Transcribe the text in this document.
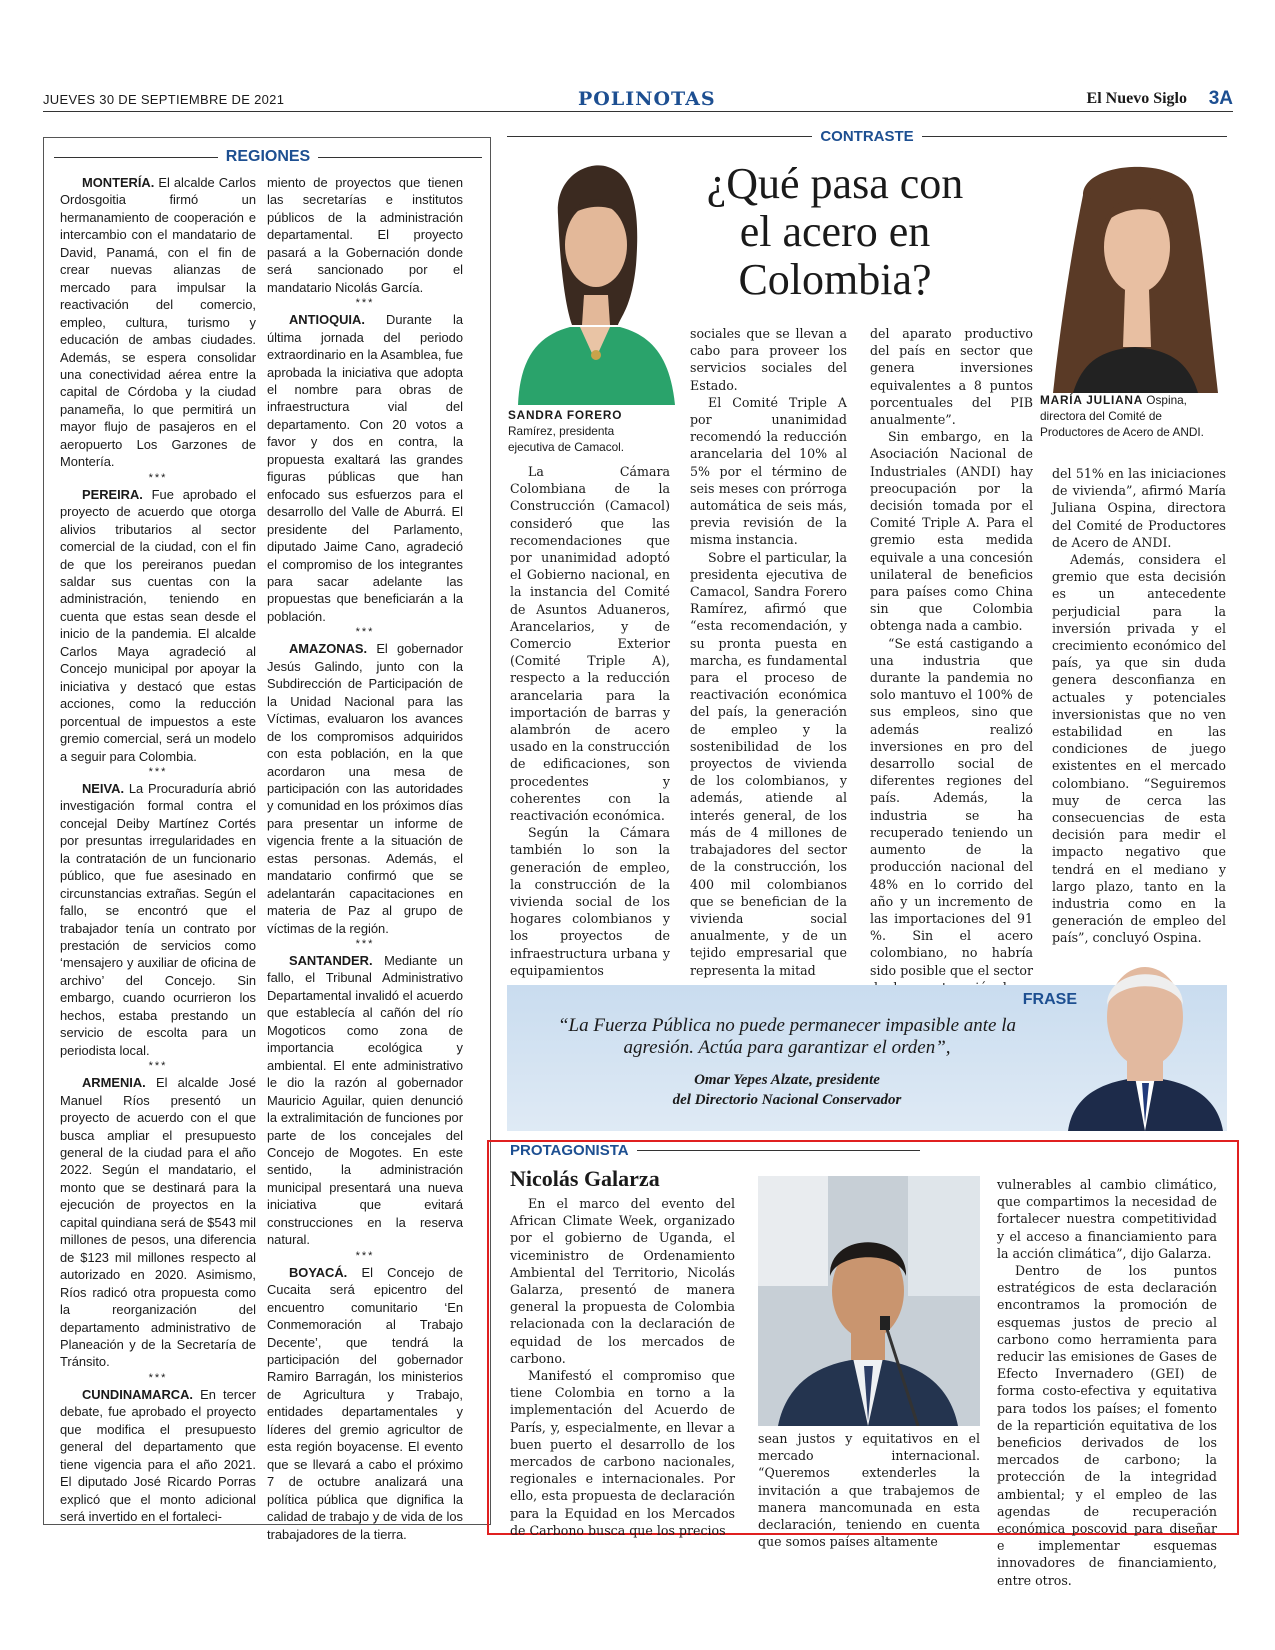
JUEVES 30 DE SEPTIEMBRE DE 2021	POLINOTAS	El Nuevo Siglo 3A
REGIONES

MONTERÍA. El alcalde Carlos Ordosgoitia firmó un hermanamiento de cooperación e intercambio con el mandatario de David, Panamá, con el fin de crear nuevas alianzas de mercado para impulsar la reactivación del comercio, empleo, cultura, turismo y educación de ambas ciudades. Además, se espera consolidar una conectividad aérea entre la capital de Córdoba y la ciudad panameña, lo que permitirá un mayor flujo de pasajeros en el aeropuerto Los Garzones de Montería.

***

PEREIRA. Fue aprobado el proyecto de acuerdo que otorga alivios tributarios al sector comercial de la ciudad, con el fin de que los pereiranos puedan saldar sus cuentas con la administración, teniendo en cuenta que estas sean desde el inicio de la pandemia. El alcalde Carlos Maya agradeció al Concejo municipal por apoyar la iniciativa y destacó que estas acciones, como la reducción porcentual de impuestos a este gremio comercial, será un modelo a seguir para Colombia.

***

NEIVA. La Procuraduría abrió investigación formal contra el concejal Deiby Martínez Cortés por presuntas irregularidades en la contratación de un funcionario público, que fue asesinado en circunstancias extrañas. Según el fallo, se encontró que el trabajador tenía un contrato por prestación de servicios como ‘mensajero y auxiliar de oficina de archivo’ del Concejo. Sin embargo, cuando ocurrieron los hechos, estaba prestando un servicio de escolta para un periodista local.

***

ARMENIA. El alcalde José Manuel Ríos presentó un proyecto de acuerdo con el que busca ampliar el presupuesto general de la ciudad para el año 2022. Según el mandatario, el monto que se destinará para la ejecución de proyectos en la capital quindiana será de $543 mil millones de pesos, una diferencia de $123 mil millones respecto al autorizado en 2020. Asimismo, Ríos radicó otra propuesta como la reorganización del departamento administrativo de Planeación y de la Secretaría de Tránsito.

***

CUNDINAMARCA. En tercer debate, fue aprobado el proyecto que modifica el presupuesto general del departamento que tiene vigencia para el año 2021. El diputado José Ricardo Porras explicó que el monto adicional será invertido en el fortaleci-

miento de proyectos que tienen las secretarías e institutos públicos de la administración departamental. El proyecto pasará a la Gobernación donde será sancionado por el mandatario Nicolás García.

***

ANTIOQUIA. Durante la última jornada del periodo extraordinario en la Asamblea, fue aprobada la iniciativa que adopta el nombre para obras de infraestructura vial del departamento. Con 20 votos a favor y dos en contra, la propuesta exaltará las grandes figuras públicas que han enfocado sus esfuerzos para el desarrollo del Valle de Aburrá. El presidente del Parlamento, diputado Jaime Cano, agradeció el compromiso de los integrantes para sacar adelante las propuestas que beneficiarán a la población.

***

AMAZONAS. El gobernador Jesús Galindo, junto con la Subdirección de Participación de la Unidad Nacional para las Víctimas, evaluaron los avances de los compromisos adquiridos con esta población, en la que acordaron una mesa de participación con las autoridades y comunidad en los próximos días para presentar un informe de vigencia frente a la situación de estas personas. Además, el mandatario confirmó que se adelantarán capacitaciones en materia de Paz al grupo de víctimas de la región.

***

SANTANDER. Mediante un fallo, el Tribunal Administrativo Departamental invalidó el acuerdo que establecía al cañón del río Mogoticos como zona de importancia ecológica y ambiental. El ente administrativo le dio la razón al gobernador Mauricio Aguilar, quien denunció la extralimitación de funciones por parte de los concejales del Concejo de Mogotes. En este sentido, la administración municipal presentará una nueva iniciativa que evitará construcciones en la reserva natural.

***

BOYACÁ. El Concejo de Cucaita será epicentro del encuentro comunitario ‘En Conmemoración al Trabajo Decente’, que tendrá la participación del gobernador Ramiro Barragán, los ministerios de Agricultura y Trabajo, entidades departamentales y líderes del gremio agricultor de esta región boyacense. El evento que se llevará a cabo el próximo 7 de octubre analizará una política pública que dignifica la calidad de trabajo y de vida de los trabajadores de la tierra.

CONTRASTE
¿Qué pasa con el acero en Colombia?
SANDRA FORERO
Ramírez, presidenta ejecutiva de Camacol.
MARÍA JULIANA Ospina, directora del Comité de Productores de Acero de ANDI.

La Cámara Colombiana de la Construcción (Camacol) consideró que las recomendaciones que por unanimidad adoptó el Gobierno nacional, en la instancia del Comité de Asuntos Aduaneros, Arancelarios, y de Comercio Exterior (Comité Triple A), respecto a la reducción arancelaria para la importación de barras y alambrón de acero usado en la construcción de edificaciones, son procedentes y coherentes con la reactivación económica.

Según la Cámara también lo son la generación de empleo, la construcción de la vivienda social de los hogares colombianos y los proyectos de infraestructura urbana y equipamientos

sociales que se llevan a cabo para proveer los servicios sociales del Estado.

El Comité Triple A por unanimidad recomendó la reducción arancelaria del 10% al 5% por el término de seis meses con prórroga automática de seis más, previa revisión de la misma instancia.

Sobre el particular, la presidenta ejecutiva de Camacol, Sandra Forero Ramírez, afirmó que “esta recomendación, y su pronta puesta en marcha, es fundamental para el proceso de reactivación económica del país, la generación de empleo y la sostenibilidad de los proyectos de vivienda de los colombianos, y además, atiende al interés general, de los más de 4 millones de trabajadores del sector de la construcción, los 400 mil colombianos que se benefician de la vivienda social anualmente, y de un tejido empresarial que representa la mitad

del aparato productivo del país en sector que genera inversiones equivalentes a 8 puntos porcentuales del PIB anualmente”.

Sin embargo, en la Asociación Nacional de Industriales (ANDI) hay preocupación por la decisión tomada por el Comité Triple A. Para el gremio esta medida equivale a una concesión unilateral de beneficios para países como China sin que Colombia obtenga nada a cambio.

“Se está castigando a una industria que durante la pandemia no solo mantuvo el 100% de sus empleos, sino que además realizó inversiones en pro del desarrollo social de diferentes regiones del país. Además, la industria se ha recuperado teniendo un aumento de la producción nacional del 48% en lo corrido del año y un incremento de las importaciones del 91 %. Sin el acero colombiano, no habría sido posible que el sector

del 51% en las iniciaciones de vivienda”, afirmó María Juliana Ospina, directora del Comité de Productores de Acero de ANDI.

Además, considera el gremio que esta decisión es un antecedente perjudicial para la inversión privada y el crecimiento económico del país, ya que sin duda genera desconfianza en actuales y potenciales inversionistas que no ven estabilidad en las condiciones de juego existentes en el mercado colombiano. “Seguiremos muy de cerca las consecuencias de esta decisión para medir el impacto negativo que tendrá en el mediano y largo plazo, tanto en la industria como en la generación de empleo del país”, concluyó Ospina.

FRASE
“La Fuerza Pública no puede permanecer impasible ante la
agresión. Actúa para garantizar el orden”,
Omar Yepes Alzate, presidente
del Directorio Nacional Conservador
PROTAGONISTA
Nicolás Galarza

En el marco del evento del African Climate Week, organizado por el gobierno de Uganda, el viceministro de Ordenamiento Ambiental del Territorio, Nicolás Galarza, presentó de manera general la propuesta de Colombia relacionada con la declaración de equidad de los mercados de carbono.

Manifestó el compromiso que tiene Colombia en torno a la implementación del Acuerdo de París, y, especialmente, en llevar a buen puerto el desarrollo de los mercados de carbono nacionales, regionales e internacionales. Por ello, esta propuesta de declaración para la Equidad en los Mercados de Carbono busca que los precios

sean justos y equitativos en el mercado internacional. “Queremos extenderles la invitación a que trabajemos de manera mancomunada en esta declaración, teniendo en cuenta que somos países altamente

vulnerables al cambio climático, que compartimos la necesidad de fortalecer nuestra competitividad y el acceso a financiamiento para la acción climática”, dijo Galarza.

Dentro de los puntos estratégicos de esta declaración encontramos la promoción de esquemas justos de precio al carbono como herramienta para reducir las emisiones de Gases de Efecto Invernadero (GEI) de forma costo-efectiva y equitativa para todos los países; el fomento de la repartición equitativa de los beneficios derivados de los mercados de carbono; la protección de la integridad ambiental; y el empleo de las agendas de recuperación económica poscovid para diseñar e implementar esquemas innovadores de financiamiento, entre otros.
